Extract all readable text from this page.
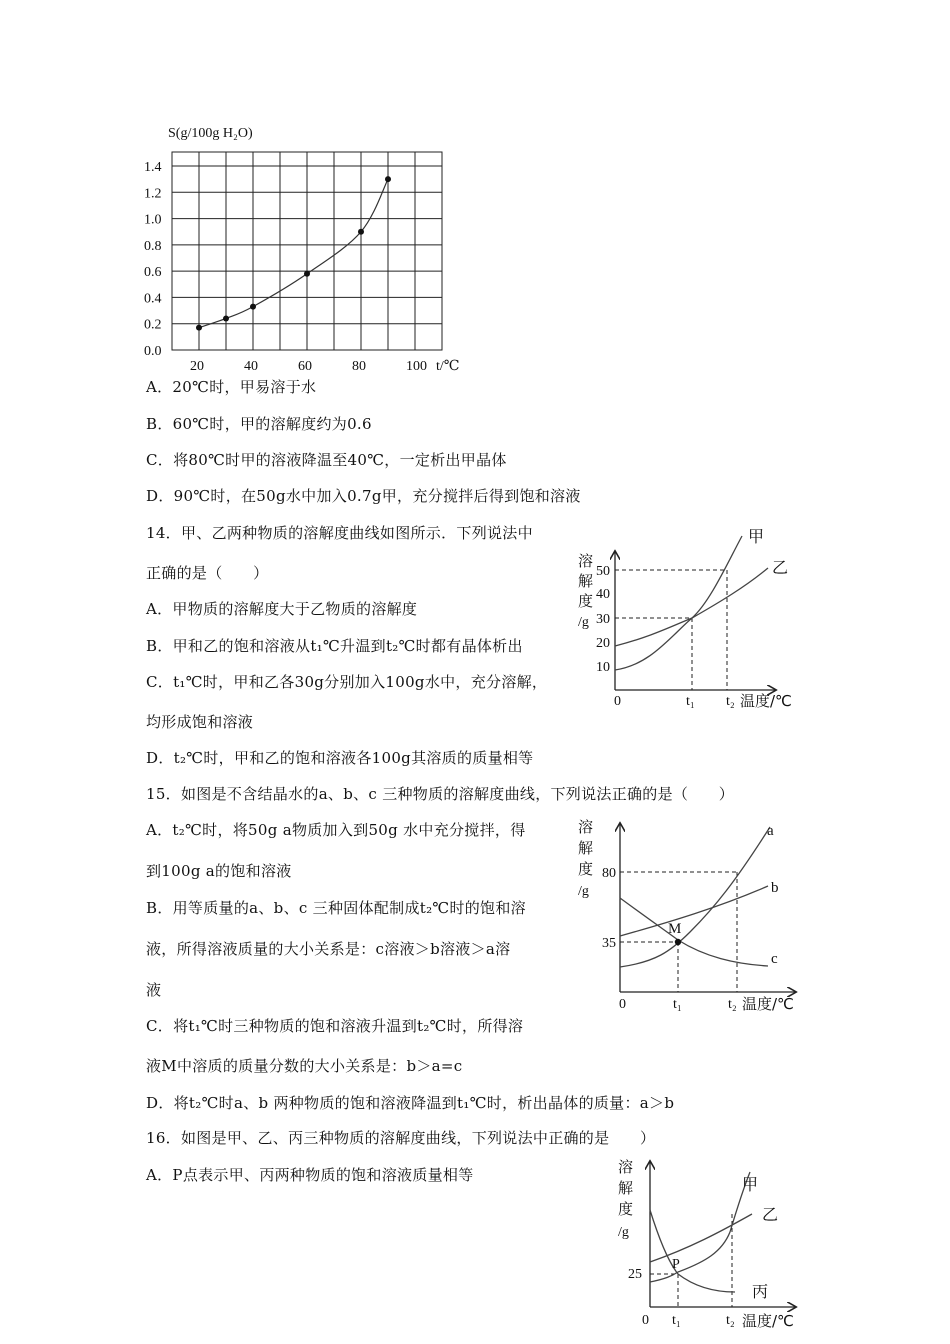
S(g/100g H₂O)
1.4
1.2
1.0
0.8
0.6
0.4
0.2
0.0
20	40	60	80	100 t/℃
A．20℃时，甲易溶于水
B．60℃时，甲的溶解度约为0.6
C．将80℃时甲的溶液降温至40℃，一定析出甲晶体
D．90℃时，在50g水中加入0.7g甲，充分搅拌后得到饱和溶液
14．甲、乙两种物质的溶解度曲线如图所示．下列说法中
正确的是（　　）
A．甲物质的溶解度大于乙物质的溶解度
B．甲和乙的饱和溶液从t₁℃升温到t₂℃时都有晶体析出
C．t₁℃时，甲和乙各30g分别加入100g水中，充分溶解，
均形成饱和溶液
D．t₂℃时，甲和乙的饱和溶液各100g其溶质的质量相等
溶
解
度
/g
50
40
30
20
10
0	t₁ t₂ 温度/℃
甲
乙
15．如图是不含结晶水的a、b、c 三种物质的溶解度曲线，下列说法正确的是（　　）
A．t₂℃时，将50g a物质加入到50g 水中充分搅拌，得
到100g a的饱和溶液
B．用等质量的a、b、c 三种固体配制成t₂℃时的饱和溶
液，所得溶液质量的大小关系是：c溶液＞b溶液＞a溶
液
C．将t₁℃时三种物质的饱和溶液升温到t₂℃时，所得溶
液M中溶质的质量分数的大小关系是：b＞a=c
D．将t₂℃时a、b 两种物质的饱和溶液降温到t₁℃时，析出晶体的质量：a＞b
溶
解
度
/g
80
35
0	t₁	t₂ 温度/℃
M
a
b
c
16．如图是甲、乙、丙三种物质的溶解度曲线，下列说法中正确的是　　）
A．P点表示甲、丙两种物质的饱和溶液质量相等	溶
解
度
/g
25
0 t₁	t₂ 温度/℃
P
甲
乙
丙
